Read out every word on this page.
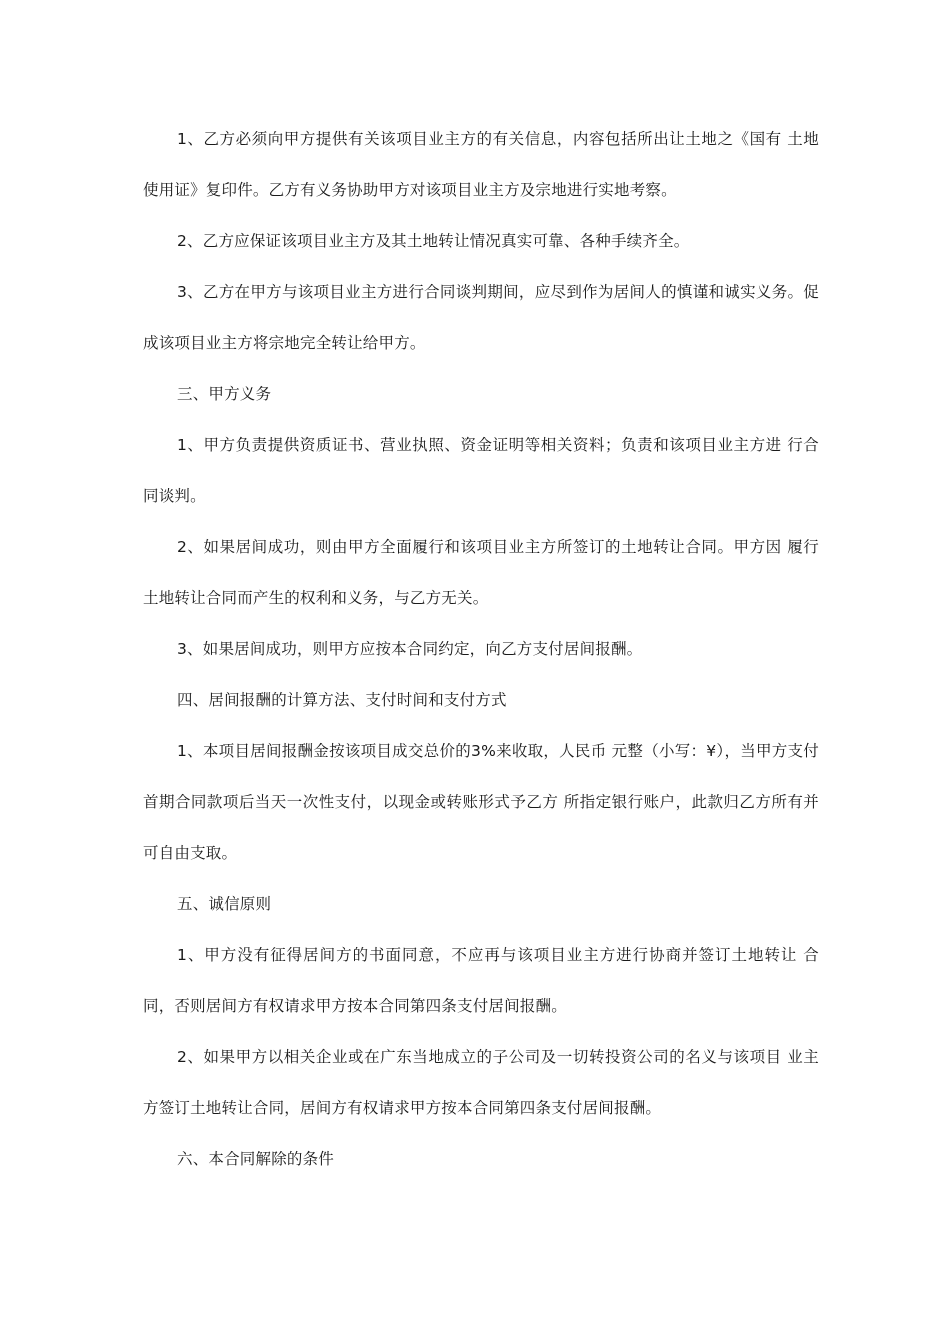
1、乙方必须向甲方提供有关该项目业主方的有关信息，内容包括所出让土地之《国有 土地使用证》复印件。乙方有义务协助甲方对该项目业主方及宗地进行实地考察。

2、乙方应保证该项目业主方及其土地转让情况真实可靠、各种手续齐全。

3、乙方在甲方与该项目业主方进行合同谈判期间，应尽到作为居间人的慎谨和诚实义务。促成该项目业主方将宗地完全转让给甲方。

三、甲方义务

1、甲方负责提供资质证书、营业执照、资金证明等相关资料；负责和该项目业主方进 行合同谈判。

2、如果居间成功，则由甲方全面履行和该项目业主方所签订的土地转让合同。甲方因 履行土地转让合同而产生的权利和义务，与乙方无关。

3、如果居间成功，则甲方应按本合同约定，向乙方支付居间报酬。

四、居间报酬的计算方法、支付时间和支付方式

1、本项目居间报酬金按该项目成交总价的3%来收取，人民币 元整（小写：¥），当甲方支付首期合同款项后当天一次性支付，以现金或转账形式予乙方 所指定银行账户，此款归乙方所有并可自由支取。

五、诚信原则

1、甲方没有征得居间方的书面同意，不应再与该项目业主方进行协商并签订土地转让 合同，否则居间方有权请求甲方按本合同第四条支付居间报酬。

2、如果甲方以相关企业或在广东当地成立的子公司及一切转投资公司的名义与该项目 业主方签订土地转让合同，居间方有权请求甲方按本合同第四条支付居间报酬。

六、本合同解除的条件
